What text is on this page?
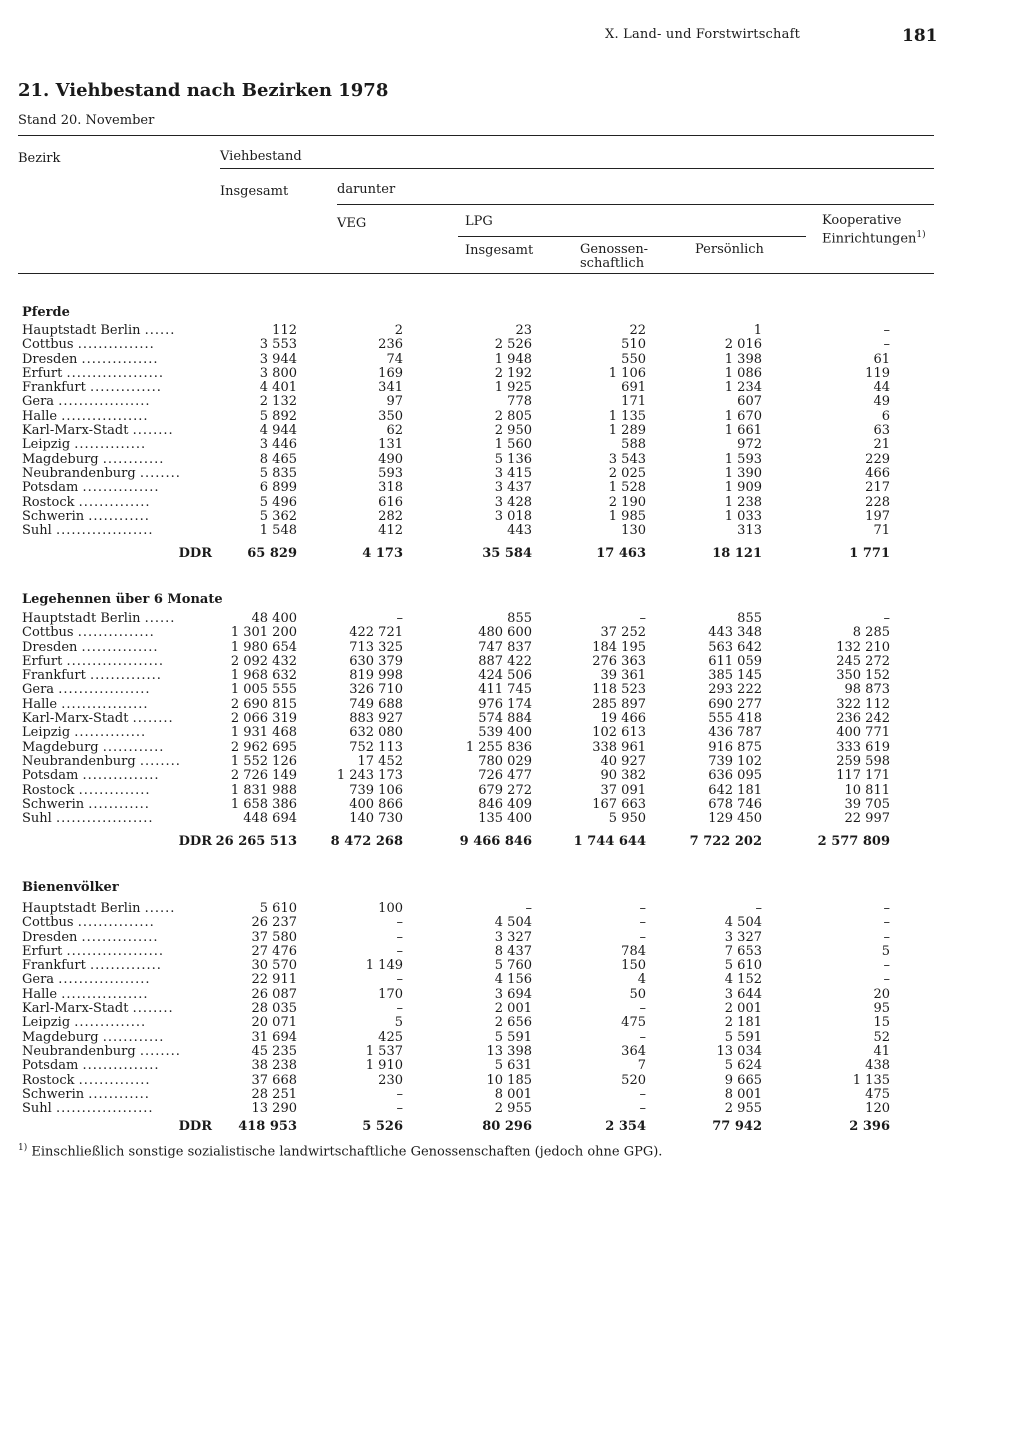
X. Land- und Forstwirtschaft	181
21. Viehbestand nach Bezirken 1978
Stand 20. November
Bezirk	Viehbestand
Insgesamt	darunter
VEG	LPG
Insgesamt	Genossen-
schaftlich
Persönlich
Kooperative
Einrichtungen$^{1)}$
Pferde
Hauptstadt Berlin ......	112	2	23	22	1	–
Cottbus ...............	3 553	236	2 526	510	2 016	–
Dresden ...............	3 944	74	1 948	550	1 398	61
Erfurt ...................	3 800	169	2 192	1 106	1 086	119
Frankfurt ..............	4 401	341	1 925	691	1 234	44
Gera ..................	2 132	97	778	171	607	49
Halle .................	5 892	350	2 805	1 135	1 670	6
Karl-Marx-Stadt ........	4 944	62	2 950	1 289	1 661	63
Leipzig ..............	3 446	131	1 560	588	972	21
Magdeburg ............	8 465	490	5 136	3 543	1 593	229
Neubrandenburg ........	5 835	593	3 415	2 025	1 390	466
Potsdam ...............	6 899	318	3 437	1 528	1 909	217
Rostock ..............	5 496	616	3 428	2 190	1 238	228
Schwerin ............	5 362	282	3 018	1 985	1 033	197
Suhl ...................	1 548	412	443	130	313	71
DDR	65 829	4 173	35 584	17 463	18 121	1 771
Legehennen über 6 Monate
Hauptstadt Berlin ......	48 400	–	855	–	855	–
Cottbus ...............	1 301 200	422 721	480 600	37 252	443 348	8 285
Dresden ...............	1 980 654	713 325	747 837	184 195	563 642	132 210
Erfurt ...................	2 092 432	630 379	887 422	276 363	611 059	245 272
Frankfurt ..............	1 968 632	819 998	424 506	39 361	385 145	350 152
Gera ..................	1 005 555	326 710	411 745	118 523	293 222	98 873
Halle .................	2 690 815	749 688	976 174	285 897	690 277	322 112
Karl-Marx-Stadt ........	2 066 319	883 927	574 884	19 466	555 418	236 242
Leipzig ..............	1 931 468	632 080	539 400	102 613	436 787	400 771
Magdeburg ............	2 962 695	752 113	1 255 836	338 961	916 875	333 619
Neubrandenburg ........	1 552 126	17 452	780 029	40 927	739 102	259 598
Potsdam ...............	2 726 149	1 243 173	726 477	90 382	636 095	117 171
Rostock ..............	1 831 988	739 106	679 272	37 091	642 181	10 811
Schwerin ............	1 658 386	400 866	846 409	167 663	678 746	39 705
Suhl ...................	448 694	140 730	135 400	5 950	129 450	22 997
DDR 26 265 513	8 472 268	9 466 846	1 744 644	7 722 202	2 577 809
Bienenvölker
Hauptstadt Berlin ......	5 610	100	–	–	–	–
Cottbus ...............	26 237	–	4 504	–	4 504	–
Dresden ...............	37 580	–	3 327	–	3 327	–
Erfurt ...................	27 476	–	8 437	784	7 653	5
Frankfurt ..............	30 570	1 149	5 760	150	5 610	–
Gera ..................	22 911	–	4 156	4	4 152	–
Halle .................	26 087	170	3 694	50	3 644	20
Karl-Marx-Stadt ........	28 035	–	2 001	–	2 001	95
Leipzig ..............	20 071	5	2 656	475	2 181	15
Magdeburg ............	31 694	425	5 591	–	5 591	52
Neubrandenburg ........	45 235	1 537	13 398	364	13 034	41
Potsdam ...............	38 238	1 910	5 631	7	5 624	438
Rostock ..............	37 668	230	10 185	520	9 665	1 135
Schwerin ............	28 251	–	8 001	–	8 001	475
Suhl ...................	13 290	–	2 955	–	2 955	120
DDR 418 953	5 526	80 296	2 354	77 942	2 396
$^{1)}$ Einschließlich sonstige sozialistische landwirtschaftliche Genossenschaften (jedoch ohne GPG).
